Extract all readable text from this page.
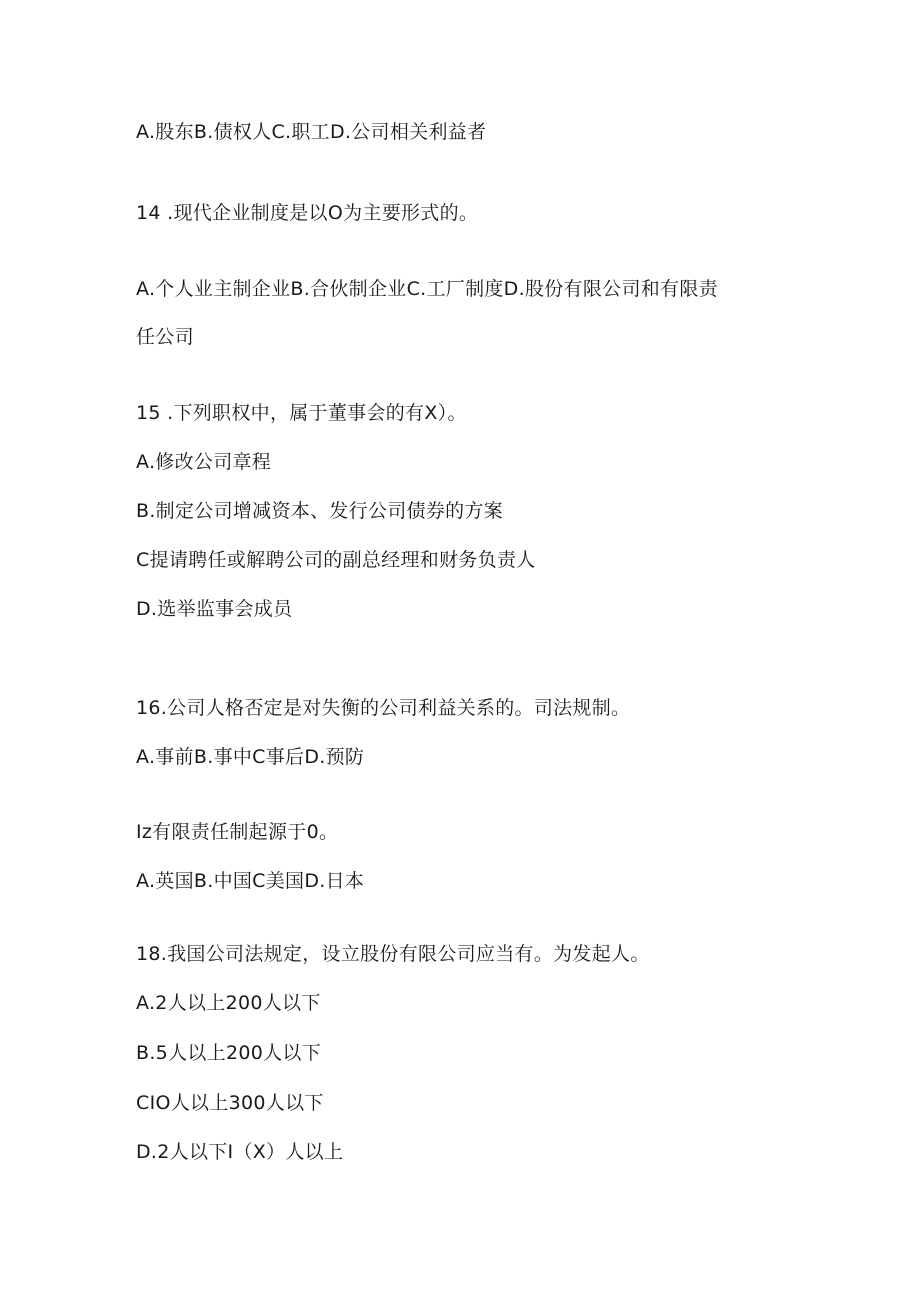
A.股东B.债权人C.职工D.公司相关利益者
14 .现代企业制度是以O为主要形式的。
A.个人业主制企业B.合伙制企业C.工厂制度D.股份有限公司和有限责
任公司
15 .下列职权中，属于董事会的有X）。
A.修改公司章程
B.制定公司增减资本、发行公司债券的方案
C提请聘任或解聘公司的副总经理和财务负责人
D.选举监事会成员
16.公司人格否定是对失衡的公司利益关系的。司法规制。
A.事前B.事中C事后D.预防
Iz有限责任制起源于0。
A.英国B.中国C美国D.日本
18.我国公司法规定，设立股份有限公司应当有。为发起人。
A.2人以上200人以下
B.5人以上200人以下
CIO人以上300人以下
D.2人以下I（X）人以上
